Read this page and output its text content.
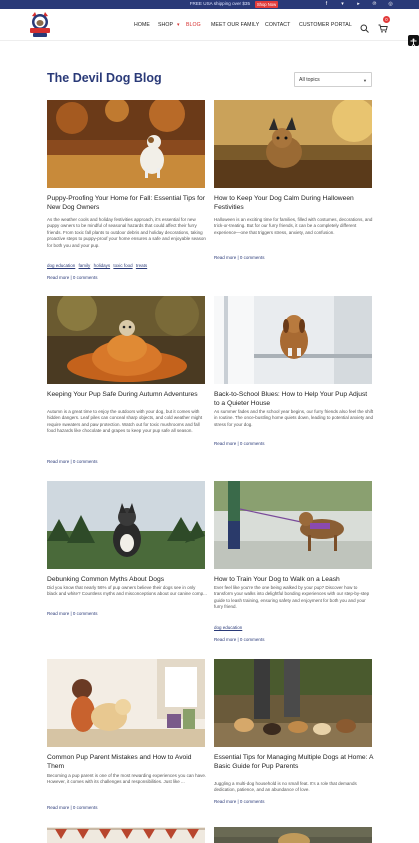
FREE USA shipping over $35	Shop Now	f	▾	▸	℗	◎
HOME SHOP ▾ BLOG MEET OUR FAMILY CONTACT CUSTOMER PORTAL
0
The Devil Dog Blog	All topics	▼
Puppy-Proofing Your Home for Fall: Essential Tips for New Dog Owners
As the weather cools and holiday festivities approach, it's essential for new puppy owners to be mindful of seasonal hazards that could affect their furry friends. From toxic fall plants to outdoor debris and holiday decorations, taking proactive steps to puppy-proof your home ensures a safe and enjoyable season for both you and your pup.
dog education family holidays toxic food treats
Read more | 0 comments
How to Keep Your Dog Calm During Halloween Festivities
Halloween is an exciting time for families, filled with costumes, decorations, and trick-or-treating. But for our furry friends, it can be a completely different experience—one that triggers stress, anxiety, and confusion.
Read more | 0 comments
Keeping Your Pup Safe During Autumn Adventures
Autumn is a great time to enjoy the outdoors with your dog, but it comes with hidden dangers. Leaf piles can conceal sharp objects, and cold weather might require sweaters and paw protection. Watch out for toxic mushrooms and fall food hazards like chocolate and grapes to keep your pup safe all season.
Read more | 0 comments
Back-to-School Blues: How to Help Your Pup Adjust to a Quieter House
As summer fades and the school year begins, our furry friends also feel the shift in routine. The once-bustling home quiets down, leading to potential anxiety and stress for your dog.
Read more | 0 comments
Debunking Common Myths About Dogs
Did you know that nearly 56% of pup owners believe their dogs see in only black and white? Countless myths and misconceptions about our canine comp...
Read more | 0 comments
How to Train Your Dog to Walk on a Leash
Ever feel like you're the one being walked by your pup? Discover how to transform your walks into delightful bonding experiences with our step-by-step guide to leash training, ensuring safety and enjoyment for both you and your furry friend.
dog education
Read more | 0 comments
Common Pup Parent Mistakes and How to Avoid Them
Becoming a pup parent is one of the most rewarding experiences you can have. However, it comes with its challenges and responsibilities. Just like ...
Read more | 0 comments
Essential Tips for Managing Multiple Dogs at Home: A Basic Guide for Pup Parents
Juggling a multi-dog household is no small feat. It's a role that demands dedication, patience, and an abundance of love.
Read more | 0 comments
